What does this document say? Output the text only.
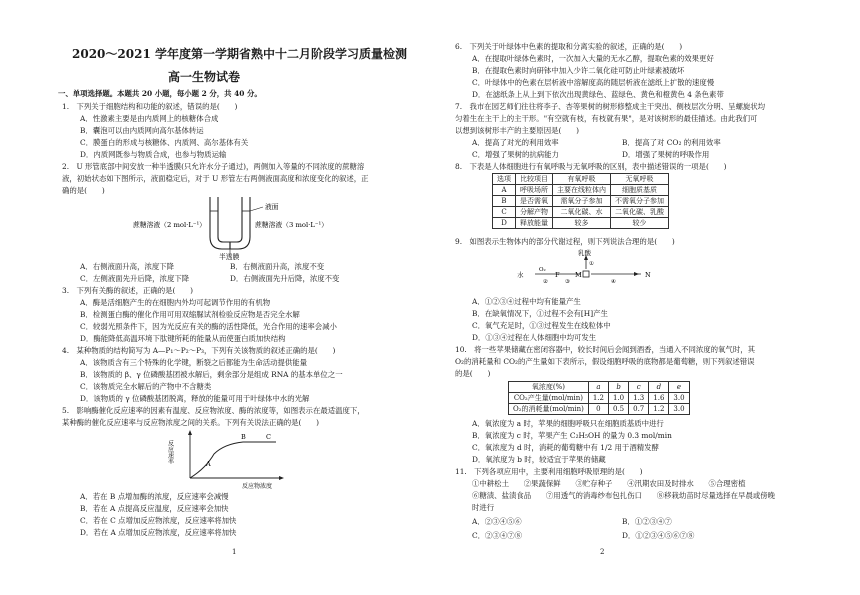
2020～2021 学年度第一学期省熟中十二月阶段学习质量检测
高一生物试卷
一、单项选择题。本题共 20 小题，每小题 2 分，共 40 分。
1.　下列关于细胞结构和功能的叙述，错误的是(　　)
A．性激素主要是由内质网上的核糖体合成
B．囊泡可以由内质网向高尔基体转运
C．膜蛋白的形成与核糖体、内质网、高尔基体有关
D．内质网既参与物质合成，也参与物质运输
2.　U 形管底部中间安放一种半透膜(只允许水分子通过)，两侧加入等量的不同浓度的蔗糖溶
液，初始状态如下图所示，液面稳定后，对于 U 形管左右两侧液面高度和浓度变化的叙述，正
确的是(　　)
蔗糖溶液（2 mol·L⁻¹）	蔗糖溶液（3 mol·L⁻¹）
液面
半透膜
A．右侧液面升高，浓度下降	B．右侧液面升高，浓度不变
C．左侧液面先升后降，浓度下降	D．右侧液面先升后降，浓度不变
3.　下列有关酶的叙述，正确的是(　　)
A．酶是活细胞产生的在细胞内外均可起调节作用的有机物
B．检测蛋白酶的催化作用可用双缩脲试剂检验反应物是否完全水解
C．较弱光照条件下，因为光反应有关的酶的活性降低，光合作用的速率会减小
D．酶能降低高温环境下肽键所耗的能量从而使蛋白质加快结构
4.　某种物质的结构简写为 A—P₁～P₂～P₃，下列有关该物质的叙述正确的是(　　)
A．该物质含有三个特殊的化学键，断裂之后都能为生命活动提供能量
B．该物质的 β、γ 位磷酸基团被水解后，剩余部分是组成 RNA 的基本单位之一
C．该物质完全水解后的产物中不含糖类
D．该物质的 γ 位磷酸基团脱离，释放的能量可用于叶绿体中水的光解
5.　影响酶催化反应速率的因素有温度、反应物浓度、酶的浓度等，如图表示在最适温度下，
某种酶的催化反应速率与反应物浓度之间的关系。下列有关说法正确的是(　　)
反应速率
反应物浓度
A
B	C
A．若在 B 点增加酶的浓度，反应速率会减慢
B．若在 A 点提高反应温度，反应速率会加快
C．若在 C 点增加反应物浓度，反应速率将加快
D．若在 A 点增加反应物浓度，反应速率将加快
1
6.　下列关于叶绿体中色素的提取和分离实验的叙述，正确的是(　　)
A．在提取叶绿体色素时，一次加入大量的无水乙醇，提取色素的效果更好
B．在提取色素时向研钵中加入少许二氧化硅可防止叶绿素被破坏
C．叶绿体中的色素在层析液中溶解度高的随层析液在滤纸上扩散的速度慢
D．在滤纸条上从上到下依次出现黄绿色、蓝绿色、黄色和橙黄色 4 条色素带
7.　我市在园艺师们往往将李子、杏等果树的树形修整成主干突出、侧枝层次分明、呈螺旋状均
匀着生在主干上的主干形。"有空就有枝，有枝就有果"，是对该树形的最佳描述。由此我们可
以想到该树形丰产的主要原因是(　　)
A．提高了对光的利用效率	B．提高了对 CO₂ 的利用效率
C．增强了果树的抗病能力	D．增强了果树的呼吸作用
8.　下表是人体细胞进行有氧呼吸与无氧呼吸的区别，表中描述错误的一项是(　　)
选项	比较项目	有氧呼吸	无氧呼吸
A	呼吸场所	主要在线粒体内	细胞质基质
B	是否需氧	需氧分子参加	不需氧分子参加
C	分解产物	二氧化碳、水	二氧化碳、乳酸
D	释放能量	较多	较少
9.　如图表示生物体内的部分代谢过程，则下列说法合理的是(　　)
乳酸
水
O₂
F M	N
①
②	③	④
A．①②③④过程中均有能量产生
B．在缺氧情况下，①过程不会有[H]产生
C．氧气充足时，①③过程发生在线粒体中
D．①③④过程在人体细胞中均可发生
10.　将一些苹果储藏在密闭容器中，较长时间后会闻到酒香，当通入不同浓度的氧气时，其
O₂的消耗量和 CO₂的产生量如下表所示，假设细胞呼吸的底物都是葡萄糖，则下列叙述错误
的是(　　)
氧浓度(%)	a	b	c	d	e
CO₂产生量(mol/min)	1.2	1.0	1.3	1.6	3.0
O₂的消耗量(mol/min)	0	0.5	0.7	1.2	3.0
A．氧浓度为 a 时，苹果的细胞呼吸只在细胞质基质中进行
B．氧浓度为 c 时，苹果产生 C₂H₅OH 的量为 0.3 mol/min
C．氧浓度为 d 时，消耗的葡萄糖中有 1/2 用于酒精发酵
D．氧浓度为 b 时，较适宜于苹果的储藏
11.　下列各项应用中，主要利用细胞呼吸原理的是(　　)
①中耕松土　　②果蔬保鲜　　③贮存种子　　④汛期农田及时排水　　⑤合理密植
⑥糖渍、盐渍食品　　⑦用透气的消毒纱布包扎伤口　　⑧移栽幼苗时尽量选择在早晨或傍晚
时进行
A．②③④⑤⑥	B．①②③④⑦
C．②③④⑦⑧	D．①②③④⑤⑥⑦⑧
2
